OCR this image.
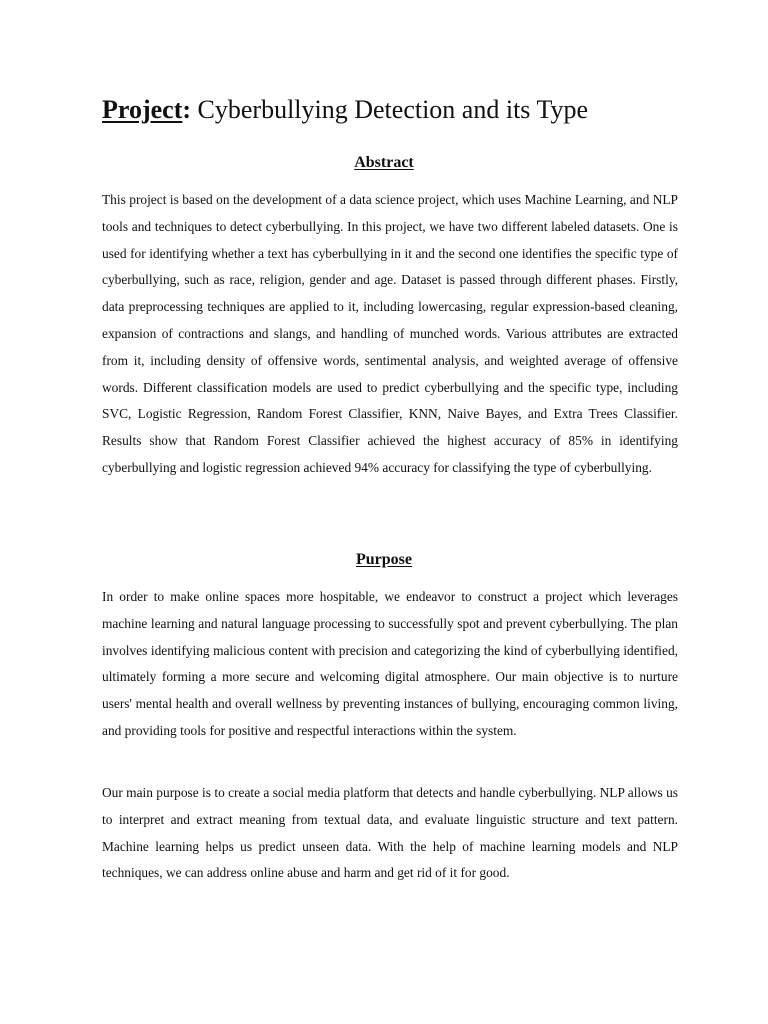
Project: Cyberbullying Detection and its Type
Abstract

This project is based on the development of a data science project, which uses Machine Learning, and NLP tools and techniques to detect cyberbullying. In this project, we have two different labeled datasets. One is used for identifying whether a text has cyberbullying in it and the second one identifies the specific type of cyberbullying, such as race, religion, gender and age. Dataset is passed through different phases. Firstly, data preprocessing techniques are applied to it, including lowercasing, regular expression-based cleaning, expansion of contractions and slangs, and handling of munched words. Various attributes are extracted from it, including density of offensive words, sentimental analysis, and weighted average of offensive words. Different classification models are used to predict cyberbullying and the specific type, including SVC, Logistic Regression, Random Forest Classifier, KNN, Naive Bayes, and Extra Trees Classifier. Results show that Random Forest Classifier achieved the highest accuracy of 85% in identifying cyberbullying and logistic regression achieved 94% accuracy for classifying the type of cyberbullying.

Purpose

In order to make online spaces more hospitable, we endeavor to construct a project which leverages machine learning and natural language processing to successfully spot and prevent cyberbullying. The plan involves identifying malicious content with precision and categorizing the kind of cyberbullying identified, ultimately forming a more secure and welcoming digital atmosphere. Our main objective is to nurture users' mental health and overall wellness by preventing instances of bullying, encouraging common living, and providing tools for positive and respectful interactions within the system.

Our main purpose is to create a social media platform that detects and handle cyberbullying. NLP allows us to interpret and extract meaning from textual data, and evaluate linguistic structure and text pattern. Machine learning helps us predict unseen data. With the help of machine learning models and NLP techniques, we can address online abuse and harm and get rid of it for good.
